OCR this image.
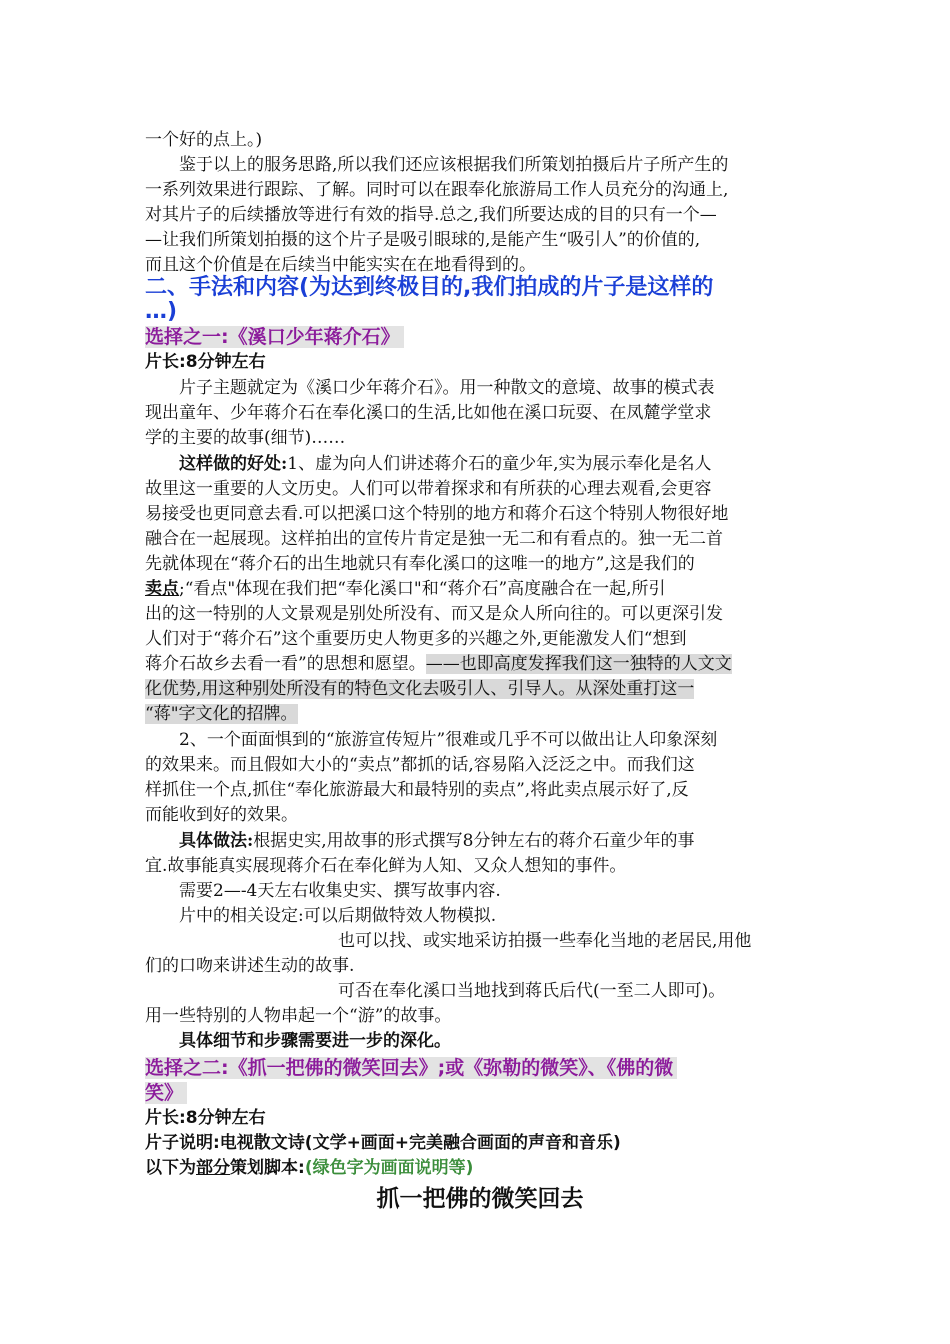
一个好的点上。)
鉴于以上的服务思路,所以我们还应该根据我们所策划拍摄后片子所产生的
一系列效果进行跟踪、了解。同时可以在跟奉化旅游局工作人员充分的沟通上,
对其片子的后续播放等进行有效的指导.总之,我们所要达成的目的只有一个—
—让我们所策划拍摄的这个片子是吸引眼球的,是能产生“吸引人”的价值的,
而且这个价值是在后续当中能实实在在地看得到的。
二、手法和内容(为达到终极目的,我们拍成的片子是这样的
…)
选择之一:《溪口少年蒋介石》
片长:8分钟左右
片子主题就定为《溪口少年蒋介石》。用一种散文的意境、故事的模式表
现出童年、少年蒋介石在奉化溪口的生活,比如他在溪口玩耍、在凤麓学堂求
学的主要的故事(细节)……
这样做的好处:1、虚为向人们讲述蒋介石的童少年,实为展示奉化是名人
故里这一重要的人文历史。人们可以带着探求和有所获的心理去观看,会更容
易接受也更同意去看.可以把溪口这个特别的地方和蒋介石这个特别人物很好地
融合在一起展现。这样拍出的宣传片肯定是独一无二和有看点的。独一无二首
先就体现在“蒋介石的出生地就只有奉化溪口的这唯一的地方”,这是我们的
卖点;“看点"体现在我们把“奉化溪口"和“蒋介石”高度融合在一起,所引
出的这一特别的人文景观是别处所没有、而又是众人所向往的。可以更深引发
人们对于“蒋介石”这个重要历史人物更多的兴趣之外,更能激发人们“想到
蒋介石故乡去看一看”的思想和愿望。——也即高度发挥我们这一独特的人文文
化优势,用这种别处所没有的特色文化去吸引人、引导人。从深处重打这一
“蒋"字文化的招牌。
2、一个面面惧到的“旅游宣传短片”很难或几乎不可以做出让人印象深刻
的效果来。而且假如大小的“卖点”都抓的话,容易陷入泛泛之中。而我们这
样抓住一个点,抓住“奉化旅游最大和最特别的卖点”,将此卖点展示好了,反
而能收到好的效果。
具体做法:根据史实,用故事的形式撰写8分钟左右的蒋介石童少年的事
宜.故事能真实展现蒋介石在奉化鲜为人知、又众人想知的事件。
需要2—-4天左右收集史实、撰写故事内容.
片中的相关设定:可以后期做特效人物模拟.
也可以找、或实地采访拍摄一些奉化当地的老居民,用他
们的口吻来讲述生动的故事.
可否在奉化溪口当地找到蒋氏后代(一至二人即可)。
用一些特别的人物串起一个“游”的故事。
具体细节和步骤需要进一步的深化。
选择之二:《抓一把佛的微笑回去》;或《弥勒的微笑》、《佛的微
笑》
片长:8分钟左右
片子说明:电视散文诗(文学+画面+完美融合画面的声音和音乐)
以下为部分策划脚本:(绿色字为画面说明等)
抓一把佛的微笑回去
